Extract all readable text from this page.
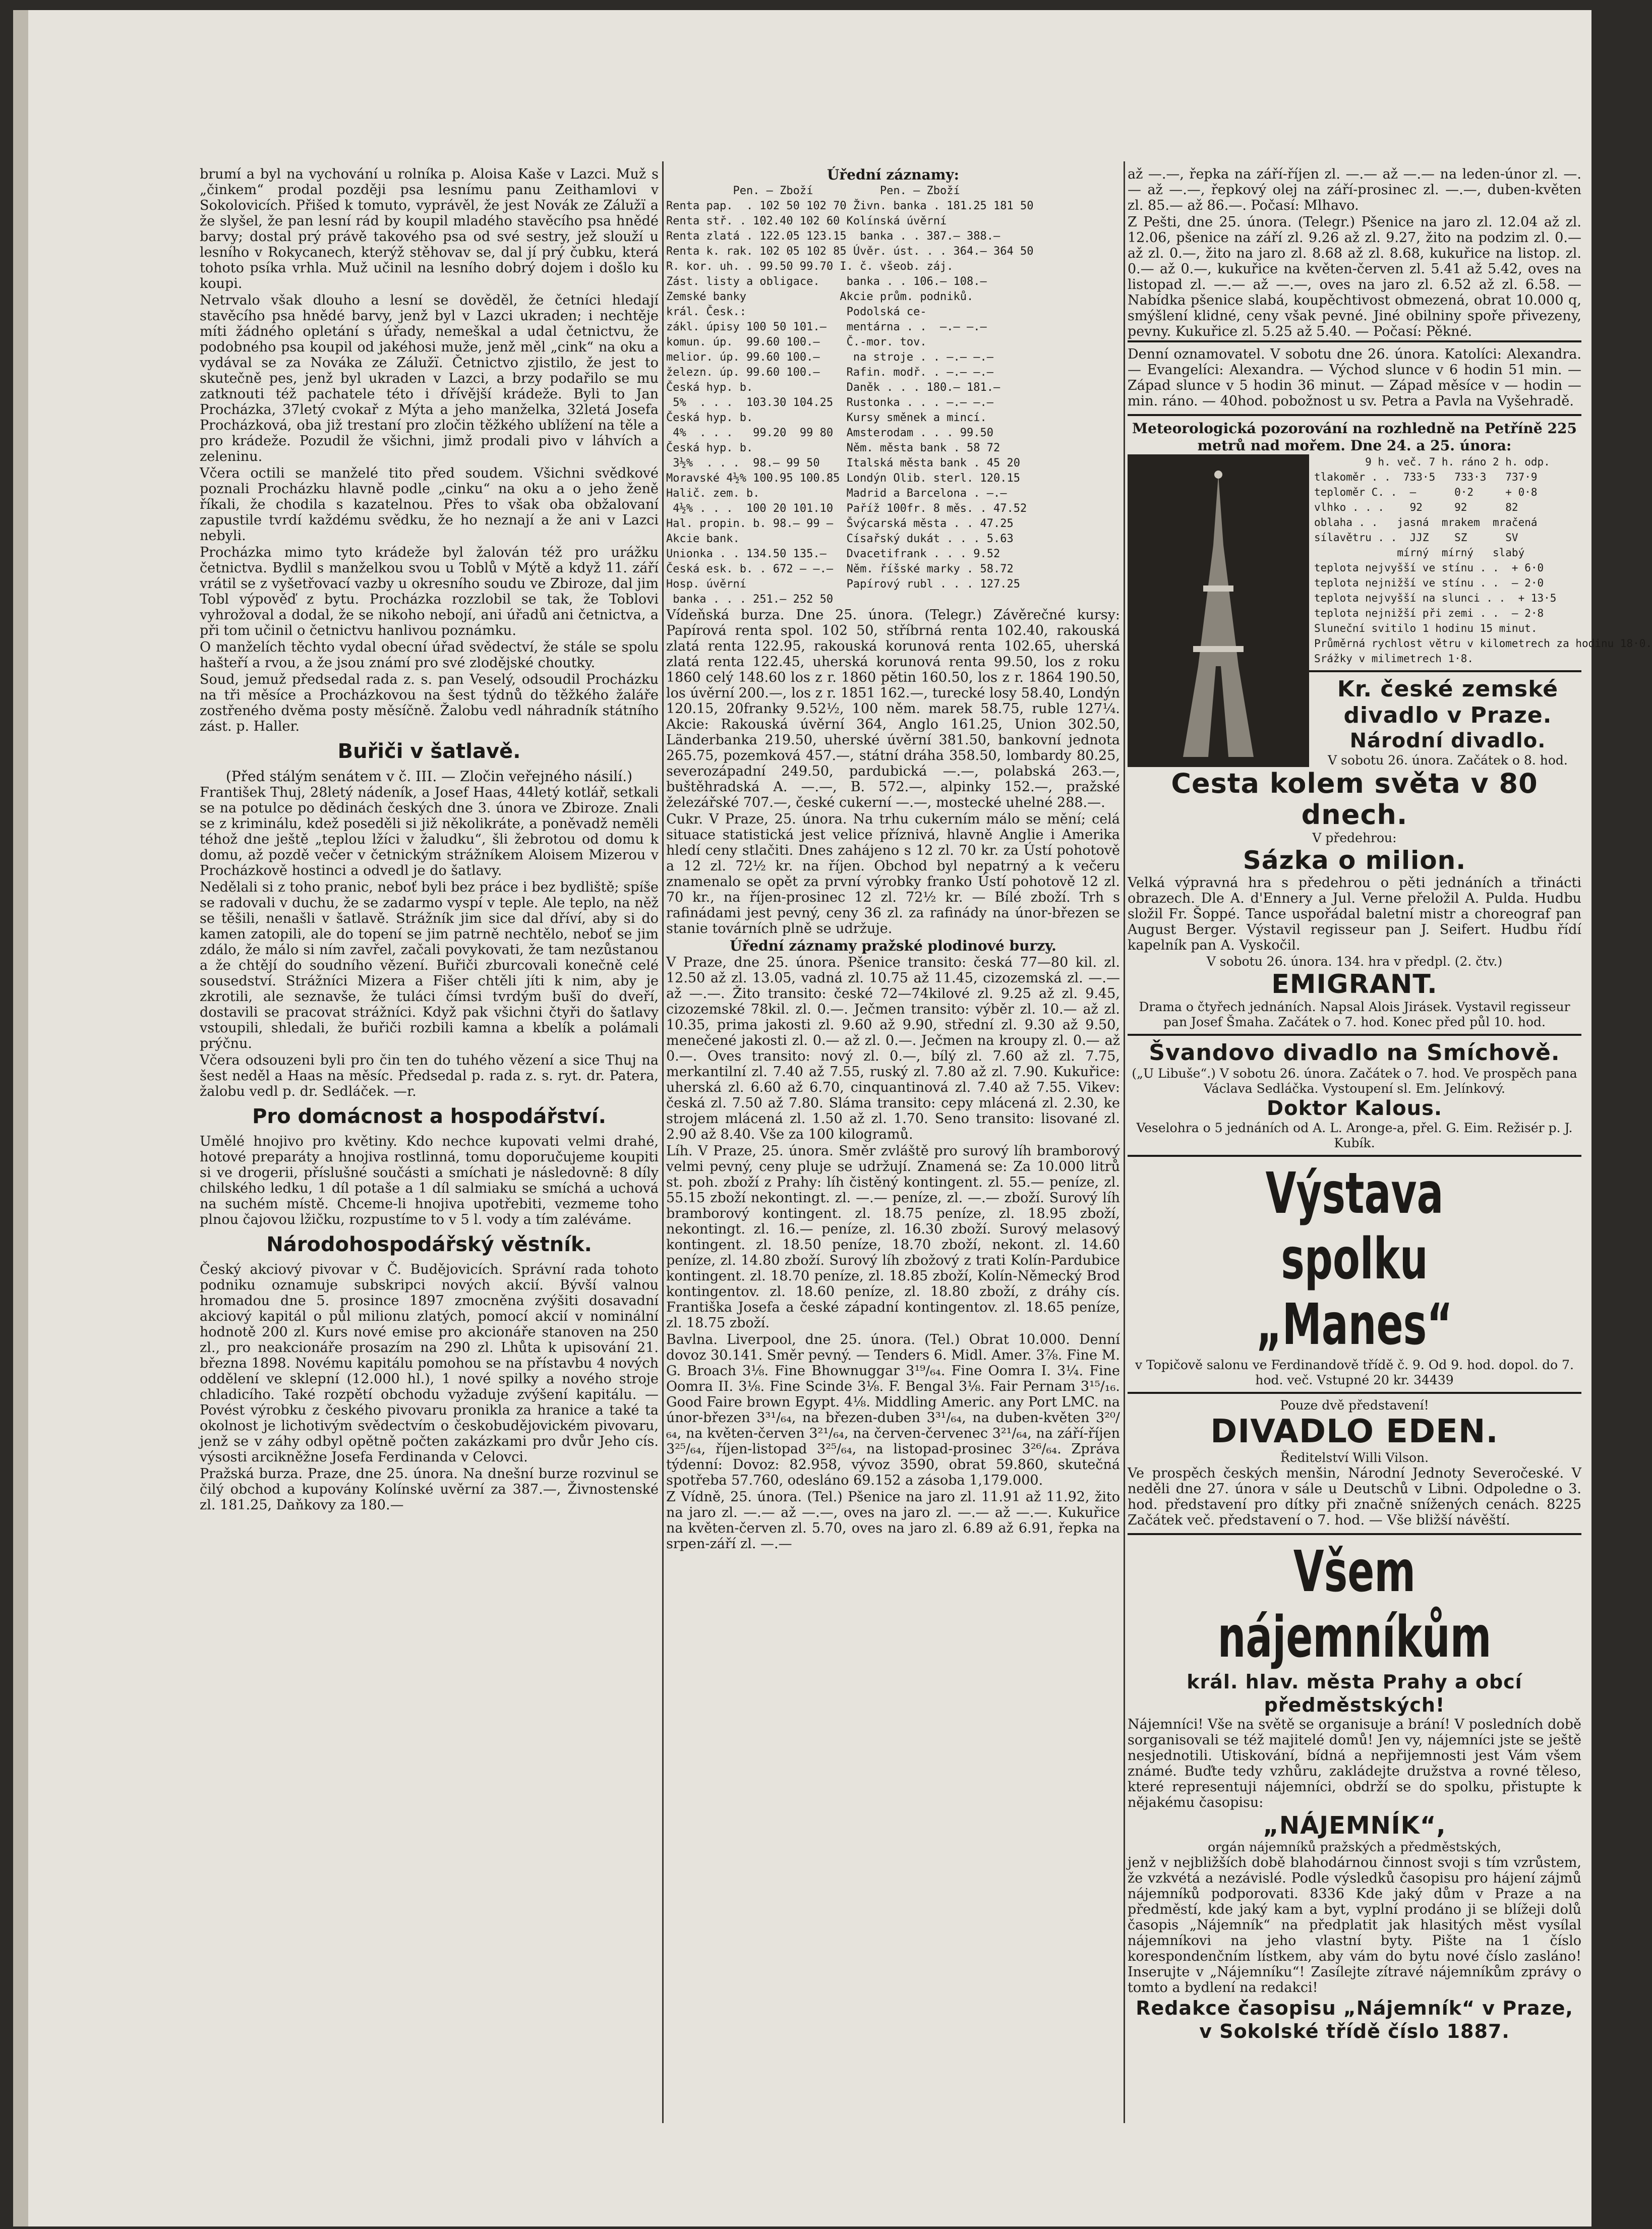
brumí a byl na vychování u rolníka p. Aloisa Kaše v Lazci. Muž s „činkem“ prodal později psa lesnímu panu Zeithamlovi v Sokolovicích. Přišed k tomuto, vyprávěl, že jest Novák ze Zálužï a že slyšel, že pan lesní rád by koupil mladého stavěcího psa hnědé barvy; dostal prý právě takového psa od své sestry, jež slouží u lesního v Rokycanech, kterýž stěhovav se, dal jí prý čubku, která tohoto psíka vrhla. Muž učinil na lesního dobrý dojem i došlo ku koupi.

Netrvalo však dlouho a lesní se dověděl, že četníci hledají stavěcího psa hnědé barvy, jenž byl v Lazci ukraden; i nechtěje míti žádného opletání s úřady, nemeškal a udal četnictvu, že podobného psa koupil od jakéhosi muže, jenž měl „cink“ na oku a vydával se za Nováka ze Zálužï. Četnictvo zjistilo, že jest to skutečně pes, jenž byl ukraden v Lazci, a brzy podařilo se mu zatknouti též pachatele této i dřívější krádeže. Byli to Jan Procházka, 37letý cvokař z Mýta a jeho manželka, 32letá Josefa Procházková, oba již trestaní pro zločin těžkého ublížení na těle a pro krádeže. Pozudil že všichni, jimž prodali pivo v láhvích a zeleninu.

Včera octili se manželé tito před soudem. Všichni svědkové poznali Procházku hlavně podle „cinku“ na oku a o jeho ženě říkali, že chodila s kazatelnou. Přes to však oba obžalovaní zapustile tvrdí každému svědku, že ho neznají a že ani v Lazci nebyli.

Procházka mimo tyto krádeže byl žalován též pro urážku četnictva. Bydlil s manželkou svou u Toblů v Mýtě a když 11. září vrátil se z vyšetřovací vazby u okresního soudu ve Zbiroze, dal jim Tobl výpověď z bytu. Procházka rozzlobil se tak, že Toblovi vyhrožoval a dodal, že se nikoho nebojí, ani úřadů ani četnictva, a při tom učinil o četnictvu hanlivou poznámku.

O manželích těchto vydal obecní úřad svědectví, že stále se spolu hašteří a rvou, a že jsou známí pro své zlodějské choutky.

Soud, jemuž předsedal rada z. s. pan Veselý, odsoudil Procházku na tři měsíce a Procházkovou na šest týdnů do těžkého žaláře zostřeného dvěma posty měsíčně. Žalobu vedl náhradník státního zást. p. Haller.

Buřiči v šatlavě.
(Před stálým senátem v č. III. — Zločin veřejného násilí.)

František Thuj, 28letý nádeník, a Josef Haas, 44letý kotlář, setkali se na potulce po dědinách českých dne 3. února ve Zbiroze. Znali se z kriminálu, kdež poseděli si již několikráte, a poněvadž neměli téhož dne ještě „teplou lžíci v žaludku“, šli žebrotou od domu k domu, až pozdě večer v četnickým strážníkem Aloisem Mizerou v Procházkově hostinci a odvedl je do šatlavy.

Nedělali si z toho pranic, neboť byli bez práce i bez bydliště; spíše se radovali v duchu, že se zadarmo vyspí v teple. Ale teplo, na něž se těšili, nenašli v šatlavě. Strážník jim sice dal dříví, aby si do kamen zatopili, ale do topení se jim patrně nechtělo, neboť se jim zdálo, že málo si ním zavřel, začali povykovati, že tam nezůstanou a že chtějí do soudního vězení. Buřiči zburcovali konečně celé sousedství. Strážníci Mizera a Fišer chtěli jíti k nim, aby je zkrotili, ale seznavše, že tuláci čímsi tvrdým bušï do dveří, dostavili se pracovat strážníci. Když pak všichni čtyři do šatlavy vstoupili, shledali, že buřiči rozbili kamna a kbelík a polámali prýčnu.

Včera odsouzeni byli pro čin ten do tuhého vězení a sice Thuj na šest neděl a Haas na měsíc. Předsedal p. rada z. s. ryt. dr. Patera, žalobu vedl p. dr. Sedláček. —r.

Pro domácnost a hospodářství.

Umělé hnojivo pro květiny. Kdo nechce kupovati velmi drahé, hotové preparáty a hnojiva rostlinná, tomu doporučujeme koupiti si ve drogerii, příslušné součásti a smíchati je následovně: 8 díly chilského ledku, 1 díl potaše a 1 díl salmiaku se smíchá a uchová na suchém místě. Chceme-li hnojiva upotřebiti, vezmeme toho plnou čajovou lžičku, rozpustíme to v 5 l. vody a tím zaléváme.

Národohospodářský věstník.

Český akciový pivovar v Č. Budějovicích. Správní rada tohoto podniku oznamuje subskripci nových akcií. Bývší valnou hromadou dne 5. prosince 1897 zmocněna zvýšiti dosavadní akciový kapitál o půl milionu zlatých, pomocí akcií v nominální hodnotě 200 zl. Kurs nové emise pro akcionáře stanoven na 250 zl., pro neakcionáře prosazím na 290 zl. Lhůta k upisování 21. března 1898. Novému kapitálu pomohou se na přístavbu 4 nových oddělení ve sklepní (12.000 hl.), 1 nové spilky a nového stroje chladicího. Také rozpětí obchodu vyžaduje zvýšení kapitálu. — Povést výrobku z českého pivovaru pronikla za hranice a také ta okolnost je lichotivým svědectvím o českobudějovickém pivovaru, jenž se v záhy odbyl opětně počten zakázkami pro dvůr Jeho cís. výsosti arcikněžne Josefa Ferdinanda v Celovci.

Pražská burza. Praze, dne 25. února. Na dnešní burze rozvinul se čilý obchod a kupovány Kolínské uvěrní za 387.—, Živnostenské zl. 181.25, Daňkovy za 180.—

Úřední záznamy:
Pen. — Zboží          Pen. — Zboží
Renta pap.  . 102 50 102 70 Živn. banka . 181.25 181 50
Renta stř. . 102.40 102 60 Kolínská úvěrní
Renta zlatá . 122.05 123.15  banka . . 387.— 388.—
Renta k. rak. 102 05 102 85 Úvěr. úst. . . 364.— 364 50
R. kor. uh. . 99.50 99.70 I. č. všeob. záj.
Zást. listy a obligace.    banka . . 106.— 108.—
Zemské banky              Akcie prům. podniků.
král. Česk.:               Podolská ce-
zákl. úpisy 100 50 101.—   mentárna . .  —.— —.—
komun. úp.  99.60 100.—    Č.-mor. tov.
melior. úp. 99.60 100.—     na stroje . . —.— —.—
železn. úp. 99.60 100.—    Rafin. modř. . —.— —.—
Česká hyp. b.              Daněk . . . 180.— 181.—
5%  . . .  103.30 104.25  Rustonka . . . —.— —.—
Česká hyp. b.              Kursy směnek a mincí.
4%  . . .   99.20  99 80  Amsterodam . . . 99.50
Česká hyp. b.              Něm. města bank . 58 72
3½%  . . .  98.— 99 50    Italská města bank . 45 20
Moravské 4½% 100.95 100.85 Londýn Olib. sterl. 120.15
Halič. zem. b.             Madrid a Barcelona . —.—
4½% . . .  100 20 101.10  Paříž 100fr. 8 měs. . 47.52
Hal. propin. b. 98.— 99 —  Švýcarská města . . 47.25
Akcie bank.                Císařský dukát . . . 5.63
Unionka . . 134.50 135.—   Dvacetifrank . . . 9.52
Česká esk. b. . 672 — —.—  Něm. říšské marky . 58.72
Hosp. úvěrní               Papírový rubl . . . 127.25
banka . . . 251.— 252 50

Vídeňská burza. Dne 25. února. (Telegr.) Závěrečné kursy: Papírová renta spol. 102 50, stříbrná renta 102.40, rakouská zlatá renta 122.95, rakouská korunová renta 102.65, uherská zlatá renta 122.45, uherská korunová renta 99.50, los z roku 1860 celý 148.60 los z r. 1860 pětin 160.50, los z r. 1864 190.50, los úvěrní 200.—, los z r. 1851 162.—, turecké losy 58.40, Londýn 120.15, 20franky 9.52½, 100 něm. marek 58.75, ruble 127¼. Akcie: Rakouská úvěrní 364, Anglo 161.25, Union 302.50, Länderbanka 219.50, uherské úvěrní 381.50, bankovní jednota 265.75, pozemková 457.—, státní dráha 358.50, lombardy 80.25, severozápadní 249.50, pardubická —.—, polabská 263.—, buštěhradská A. —.—, B. 572.—, alpinky 152.—, pražské železářské 707.—, české cukerní —.—, mostecké uhelné 288.—.

Cukr. V Praze, 25. února. Na trhu cukerním málo se mění; celá situace statistická jest velice příznivá, hlavně Anglie i Amerika hledí ceny stlačiti. Dnes zahájeno s 12 zl. 70 kr. za Ústí pohotově a 12 zl. 72½ kr. na říjen. Obchod byl nepatrný a k večeru znamenalo se opět za první výrobky franko Ústí pohotově 12 zl. 70 kr., na říjen-prosinec 12 zl. 72½ kr. — Bílé zboží. Trh s rafinádami jest pevný, ceny 36 zl. za rafinády na únor-březen se stanie továrních plně se udržuje.

Úřední záznamy pražské plodinové burzy.

V Praze, dne 25. února. Pšenice transito: česká 77—80 kil. zl. 12.50 až zl. 13.05, vadná zl. 10.75 až 11.45, cizozemská zl. —.— až —.—. Žito transito: české 72—74kilové zl. 9.25 až zl. 9.45, cizozemské 78kil. zl. 0.—. Ječmen transito: výběr zl. 10.— až zl. 10.35, prima jakosti zl. 9.60 až 9.90, střední zl. 9.30 až 9.50, menečené jakosti zl. 0.— až zl. 0.—. Ječmen na kroupy zl. 0.— až 0.—. Oves transito: nový zl. 0.—, bílý zl. 7.60 až zl. 7.75, merkantilní zl. 7.40 až 7.55, ruský zl. 7.80 až zl. 7.90. Kukuřice: uherská zl. 6.60 až 6.70, cinquantinová zl. 7.40 až 7.55. Vikev: česká zl. 7.50 až 7.80. Sláma transito: cepy mlácená zl. 2.30, ke strojem mlácená zl. 1.50 až zl. 1.70. Seno transito: lisované zl. 2.90 až 8.40. Vše za 100 kilogramů.

Líh. V Praze, 25. února. Směr zvláště pro surový líh bramborový velmi pevný, ceny pluje se udržují. Znamená se: Za 10.000 litrů st. poh. zboží z Prahy: líh čistěný kontingent. zl. 55.— peníze, zl. 55.15 zboží nekontingt. zl. —.— peníze, zl. —.— zboží. Surový líh bramborový kontingent. zl. 18.75 peníze, zl. 18.95 zboží, nekontingt. zl. 16.— peníze, zl. 16.30 zboží. Surový melasový kontingent. zl. 18.50 peníze, 18.70 zboží, nekont. zl. 14.60 peníze, zl. 14.80 zboží. Surový líh zbožový z trati Kolín-Pardubice kontingent. zl. 18.70 peníze, zl. 18.85 zboží, Kolín-Německý Brod kontingentov. zl. 18.60 peníze, zl. 18.80 zboží, z dráhy cís. Františka Josefa a české západní kontingentov. zl. 18.65 peníze, zl. 18.75 zboží.

Bavlna. Liverpool, dne 25. února. (Tel.) Obrat 10.000. Denní dovoz 30.141. Směr pevný. — Tenders 6. Midl. Amer. 3⅞. Fine M. G. Broach 3⅛. Fine Bhownuggar 3¹⁹/₆₄. Fine Oomra I. 3¼. Fine Oomra II. 3⅛. Fine Scinde 3⅛. F. Bengal 3⅛. Fair Pernam 3¹⁵/₁₆. Good Faire brown Egypt. 4⅛. Middling Americ. any Port LMC. na únor-březen 3³¹/₆₄, na březen-duben 3³¹/₆₄, na duben-květen 3²⁰/₆₄, na květen-červen 3²¹/₆₄, na červen-červenec 3²¹/₆₄, na září-říjen 3²⁵/₆₄, říjen-listopad 3²⁵/₆₄, na listopad-prosinec 3²⁶/₆₄. Zpráva týdenní: Dovoz: 82.958, vývoz 3590, obrat 59.860, skutečná spotřeba 57.760, odesláno 69.152 a zásoba 1,179.000.

Z Vídně, 25. února. (Tel.) Pšenice na jaro zl. 11.91 až 11.92, žito na jaro zl. —.— až —.—, oves na jaro zl. —.— až —.—. Kukuřice na květen-červen zl. 5.70, oves na jaro zl. 6.89 až 6.91, řepka na srpen-září zl. —.—

až —.—, řepka na září-říjen zl. —.— až —.— na leden-únor zl. —.— až —.—, řepkový olej na září-prosinec zl. —.—, duben-květen zl. 85.— až 86.—. Počasí: Mlhavo.

Z Pešti, dne 25. února. (Telegr.) Pšenice na jaro zl. 12.04 až zl. 12.06, pšenice na září zl. 9.26 až zl. 9.27, žito na podzim zl. 0.— až zl. 0.—, žito na jaro zl. 8.68 až zl. 8.68, kukuřice na listop. zl. 0.— až 0.—, kukuřice na květen-červen zl. 5.41 až 5.42, oves na listopad zl. —.— až —.—, oves na jaro zl. 6.52 až zl. 6.58. — Nabídka pšenice slabá, koupěchtivost obmezená, obrat 10.000 q, smýšlení klidné, ceny však pevné. Jiné obilniny spoře přivezeny, pevny. Kukuřice zl. 5.25 až 5.40. — Počasí: Pěkné.

Denní oznamovatel. V sobotu dne 26. února. Katolíci: Alexandra. — Evangelíci: Alexandra. — Východ slunce v 6 hodin 51 min. — Západ slunce v 5 hodin 36 minut. — Západ měsíce v — hodin — min. ráno. — 40hod. pobožnost u sv. Petra a Pavla na Vyšehradě.

Meteorologická pozorování na rozhledně na Petříně 225 metrů nad mořem. Dne 24. a 25. února:
9 h. več. 7 h. ráno 2 h. odp.
tlakoměr . .  733·5   733·3   737·9
teploměr C. .  —      0·2     + 0·8
vlhko . . .    92     92      82
oblaha . .   jasná  mrakem  mračená
sílavětru . .  JJZ    SZ      SV
mírný  mírný   slabý
teplota nejvyšší ve stínu . .  + 6·0
teplota nejnižší ve stínu . .  — 2·0
teplota nejvyšší na slunci . .  + 13·5
teplota nejnižší při zemi . .  — 2·8
Sluneční svitilo 1 hodinu 15 minut.
Průměrná rychlost větru v kilometrech za hodinu 18·0.
Srážky v milimetrech 1·8.
Kr. české zemské divadlo v Praze.
Národní divadlo.
V sobotu 26. února. Začátek o 8. hod.
Cesta kolem světa v 80 dnech.
V předehrou:
Sázka o milion.

Velká výpravná hra s předehrou o pěti jednáních a třinácti obrazech. Dle A. d'Ennery a Jul. Verne přeložil A. Pulda. Hudbu složil Fr. Šoppé. Tance uspořádal baletní mistr a choreograf pan August Berger. Výstavil regisseur pan J. Seifert. Hudbu řídí kapelník pan A. Vyskočil.

V sobotu 26. února. 134. hra v předpl. (2. čtv.)
EMIGRANT.
Drama o čtyřech jednáních. Napsal Alois Jirásek. Vystavil regisseur pan Josef Šmaha. Začátek o 7. hod. Konec před půl 10. hod.
Švandovo divadlo na Smíchově.
(„U Libuše“.) V sobotu 26. února. Začátek o 7. hod. Ve prospěch pana Václava Sedláčka. Vystoupení sl. Em. Jelínkový.
Doktor Kalous.
Veselohra o 5 jednáních od A. L. Aronge-a, přel. G. Eim. Režisér p. J. Kubík.
Výstava spolku „Manes“
v Topičově salonu ve Ferdinandově třídě č. 9. Od 9. hod. dopol. do 7. hod. več. Vstupné 20 kr. 34439
Pouze dvě představení!
DIVADLO EDEN.
Ředitelství Willi Vilson.

Ve prospěch českých menšin, Národní Jednoty Severočeské. V neděli dne 27. února v sále u Deutschů v Libni. Odpoledne o 3. hod. představení pro dítky při značně snížených cenách. 8225 Začátek več. představení o 7. hod. — Vše bližší návěští.

Všem nájemníkům
král. hlav. města Prahy a obcí předměstských!

Nájemníci! Vše na světě se organisuje a brání! V posledních době sorganisovali se též majitelé domů! Jen vy, nájemníci jste se ještě nesjednotili. Utiskování, bídná a nepřijemnosti jest Vám všem známé. Buďte tedy vzhůru, zakládejte družstva a rovné těleso, které representuji nájemníci, obdrží se do spolku, přistupte k nějakému časopisu:

„NÁJEMNÍK“,
orgán nájemníků pražských a předměstských,

jenž v nejbližších době blahodárnou činnost svoji s tím vzrůstem, že vzkvétá a nezávislé. Podle výsledků časopisu pro hájení zájmů nájemníků podporovati. 8336 Kde jaký dům v Praze a na předměstí, kde jaký kam a byt, vyplní prodáno ji se blížeji dolů časopis „Nájemník“ na předplatit jak hlasitých měst vysílal nájemníkovi na jeho vlastní byty. Pište na 1 číslo korespondenčním lístkem, aby vám do bytu nové číslo zasláno! Inserujte v „Nájemníku“! Zasílejte zítravé nájemníkům zprávy o tomto a bydlení na redakci!

Redakce časopisu „Nájemník“ v Praze, v Sokolské třídě číslo 1887.
